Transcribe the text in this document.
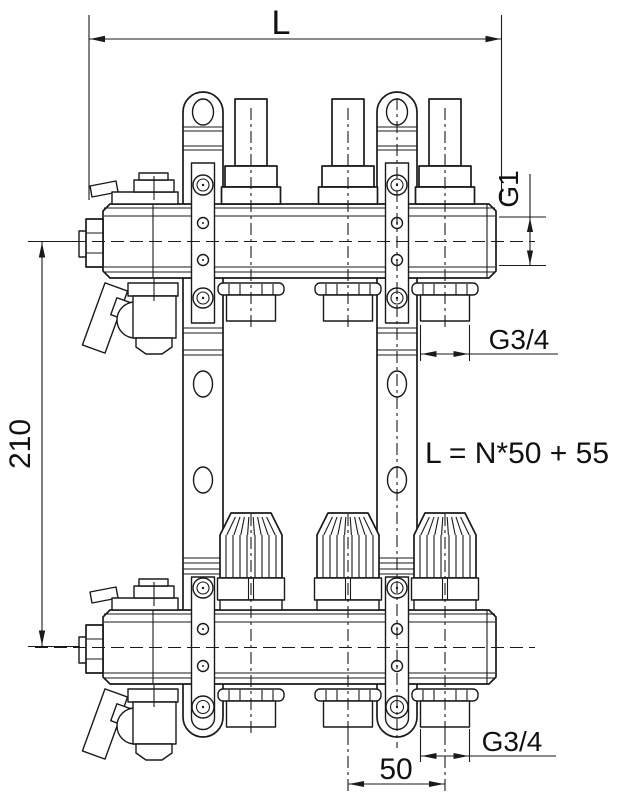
L
210
G1
G3/4
G3/4
50
L = N*50 + 55
